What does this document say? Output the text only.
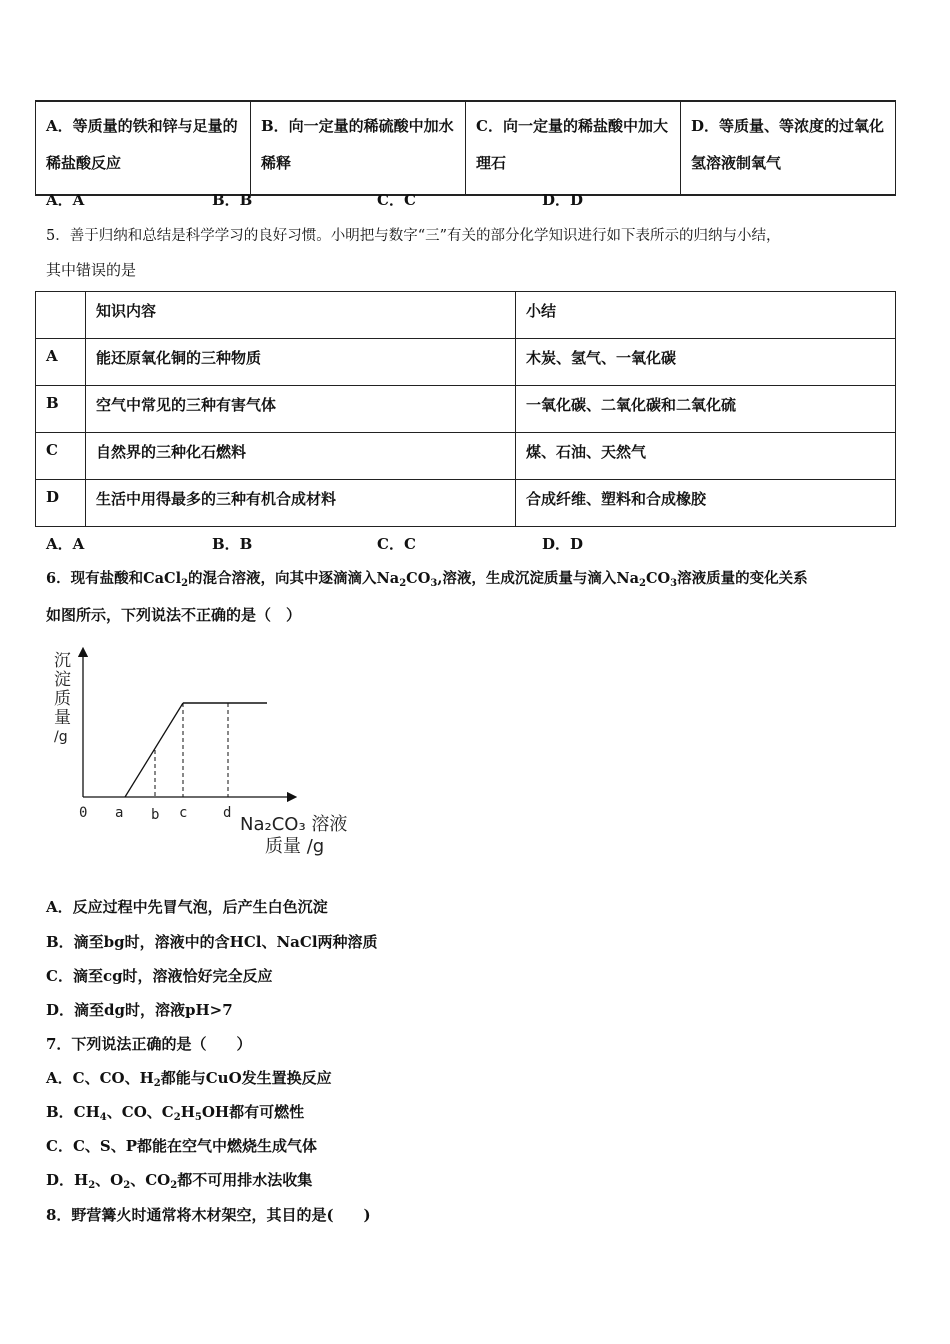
A．等质量的铁和锌与足量的稀盐酸反应	B．向一定量的稀硫酸中加水稀释	C．向一定量的稀盐酸中加大理石	D．等质量、等浓度的过氧化氢溶液制氧气
A．A	B．B	C．C	D．D
5．善于归纳和总结是科学学习的良好习惯。小明把与数字“三”有关的部分化学知识进行如下表所示的归纳与小结，
其中错误的是
	知识内容	小结
A	能还原氧化铜的三种物质	木炭、氢气、一氧化碳
B	空气中常见的三种有害气体	一氧化碳、二氧化碳和二氧化硫
C	自然界的三种化石燃料	煤、石油、天然气
D	生活中用得最多的三种有机合成材料	合成纤维、塑料和合成橡胶
A．A	B．B	C．C	D．D
6．现有盐酸和CaCl$_2$的混合溶液，向其中逐滴滴入$Na_2CO_3$,溶液，生成沉淀质量与滴入$Na_2CO_3$溶液质量的变化关系
如图所示，下列说法不正确的是（　）
沉
淀
质
量
/g
0 a b c	d
Na₂CO₃ 溶液
质量 /g
A．反应过程中先冒气泡，后产生白色沉淀
B．滴至bg时，溶液中的含HCl、NaCl两种溶质
C．滴至cg时，溶液恰好完全反应
D．滴至dg时，溶液pH>7
7．下列说法正确的是（　　）
A．C、CO、$H_2$都能与CuO发生置换反应
B．$CH_4$、CO、$C_2H_5OH$都有可燃性
C．C、S、P都能在空气中燃烧生成气体
D．$H_2$、$O_2$、$CO_2$都不可用排水法收集
8．野营篝火时通常将木材架空，其目的是(　　)
